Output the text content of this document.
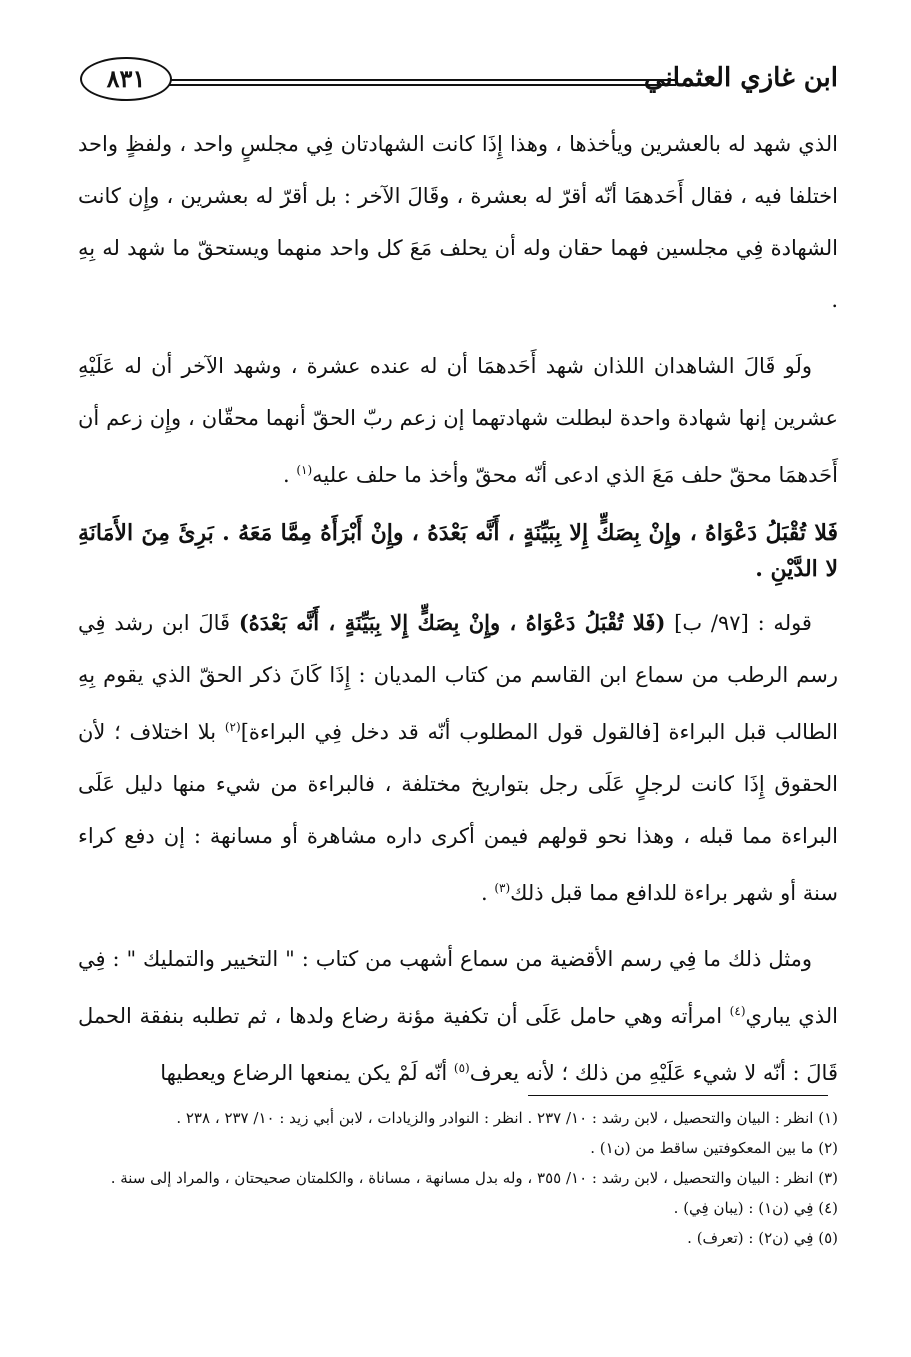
ابن غازي العثماني
٨٣١

الذي شهد له بالعشرين ويأخذها ، وهذا إِذَا كانت الشهادتان فِي مجلسٍ واحد ، ولفظٍ واحد اختلفا فيه ، فقال أَحَدهمَا أنّه أقرّ له بعشرة ، وقَالَ الآخر : بل أقرّ له بعشرين ، وإِن كانت الشهادة فِي مجلسين فهما حقان وله أن يحلف مَعَ كل واحد منهما ويستحقّ ما شهد له بِهِ .

ولَو قَالَ الشاهدان اللذان شهد أَحَدهمَا أن له عنده عشرة ، وشهد الآخر أن له عَلَيْهِ عشرين إنها شهادة واحدة لبطلت شهادتهما إن زعم ربّ الحقّ أنهما محقّان ، وإِن زعم أن أَحَدهمَا محقّ حلف مَعَ الذي ادعى أنّه محقّ وأخذ ما حلف عليه$^{(١)}$ .

فَلا تُقْبَلُ دَعْوَاهُ ، وإِنْ بِصَكٍّ إِلا بِبَيِّنَةٍ ، أَنَّه بَعْدَهُ ، وإِنْ أَبْرَأَهُ مِمَّا مَعَهُ . بَرِئَ مِنَ الأَمَانَةِ لا الدَّيْنِ .

قوله : [٩٧/ ب] (فَلا تُقْبَلُ دَعْوَاهُ ، وإِنْ بِصَكٍّ إِلا بِبَيِّنَةٍ ، أَنَّه بَعْدَهُ) قَالَ ابن رشد فِي رسم الرطب من سماع ابن القاسم من كتاب المديان : إِذَا كَانَ ذكر الحقّ الذي يقوم بِهِ الطالب قبل البراءة [فالقول قول المطلوب أنّه قد دخل فِي البراءة]$^{(٢)}$ بلا اختلاف ؛ لأن الحقوق إِذَا كانت لرجلٍ عَلَى رجل بتواريخ مختلفة ، فالبراءة من شيء منها دليل عَلَى البراءة مما قبله ، وهذا نحو قولهم فيمن أكرى داره مشاهرة أو مسانهة : إن دفع كراء سنة أو شهر براءة للدافع مما قبل ذلك$^{(٣)}$ .

ومثل ذلك ما فِي رسم الأقضية من سماع أشهب من كتاب : " التخيير والتمليك " : فِي الذي يباري$^{(٤)}$ امرأته وهي حامل عَلَى أن تكفية مؤنة رضاع ولدها ، ثم تطلبه بنفقة الحمل قَالَ : أنّه لا شيء عَلَيْهِ من ذلك ؛ لأنه يعرف$^{(٥)}$ أنّه لَمْ يكن يمنعها الرضاع ويعطيها

(١) انظر : البيان والتحصيل ، لابن رشد : ١٠/ ٢٣٧ . انظر : النوادر والزيادات ، لابن أبي زيد : ١٠/ ٢٣٧ ، ٢٣٨ .
(٢) ما بين المعكوفتين ساقط من (ن١) .
(٣) انظر : البيان والتحصيل ، لابن رشد : ١٠/ ٣٥٥ ، وله بدل مسانهة ، مساناة ، والكلمتان صحيحتان ، والمراد إلى سنة .
(٤) فِي (ن١) : (يبان فِي) .
(٥) فِي (ن٢) : (تعرف) .
